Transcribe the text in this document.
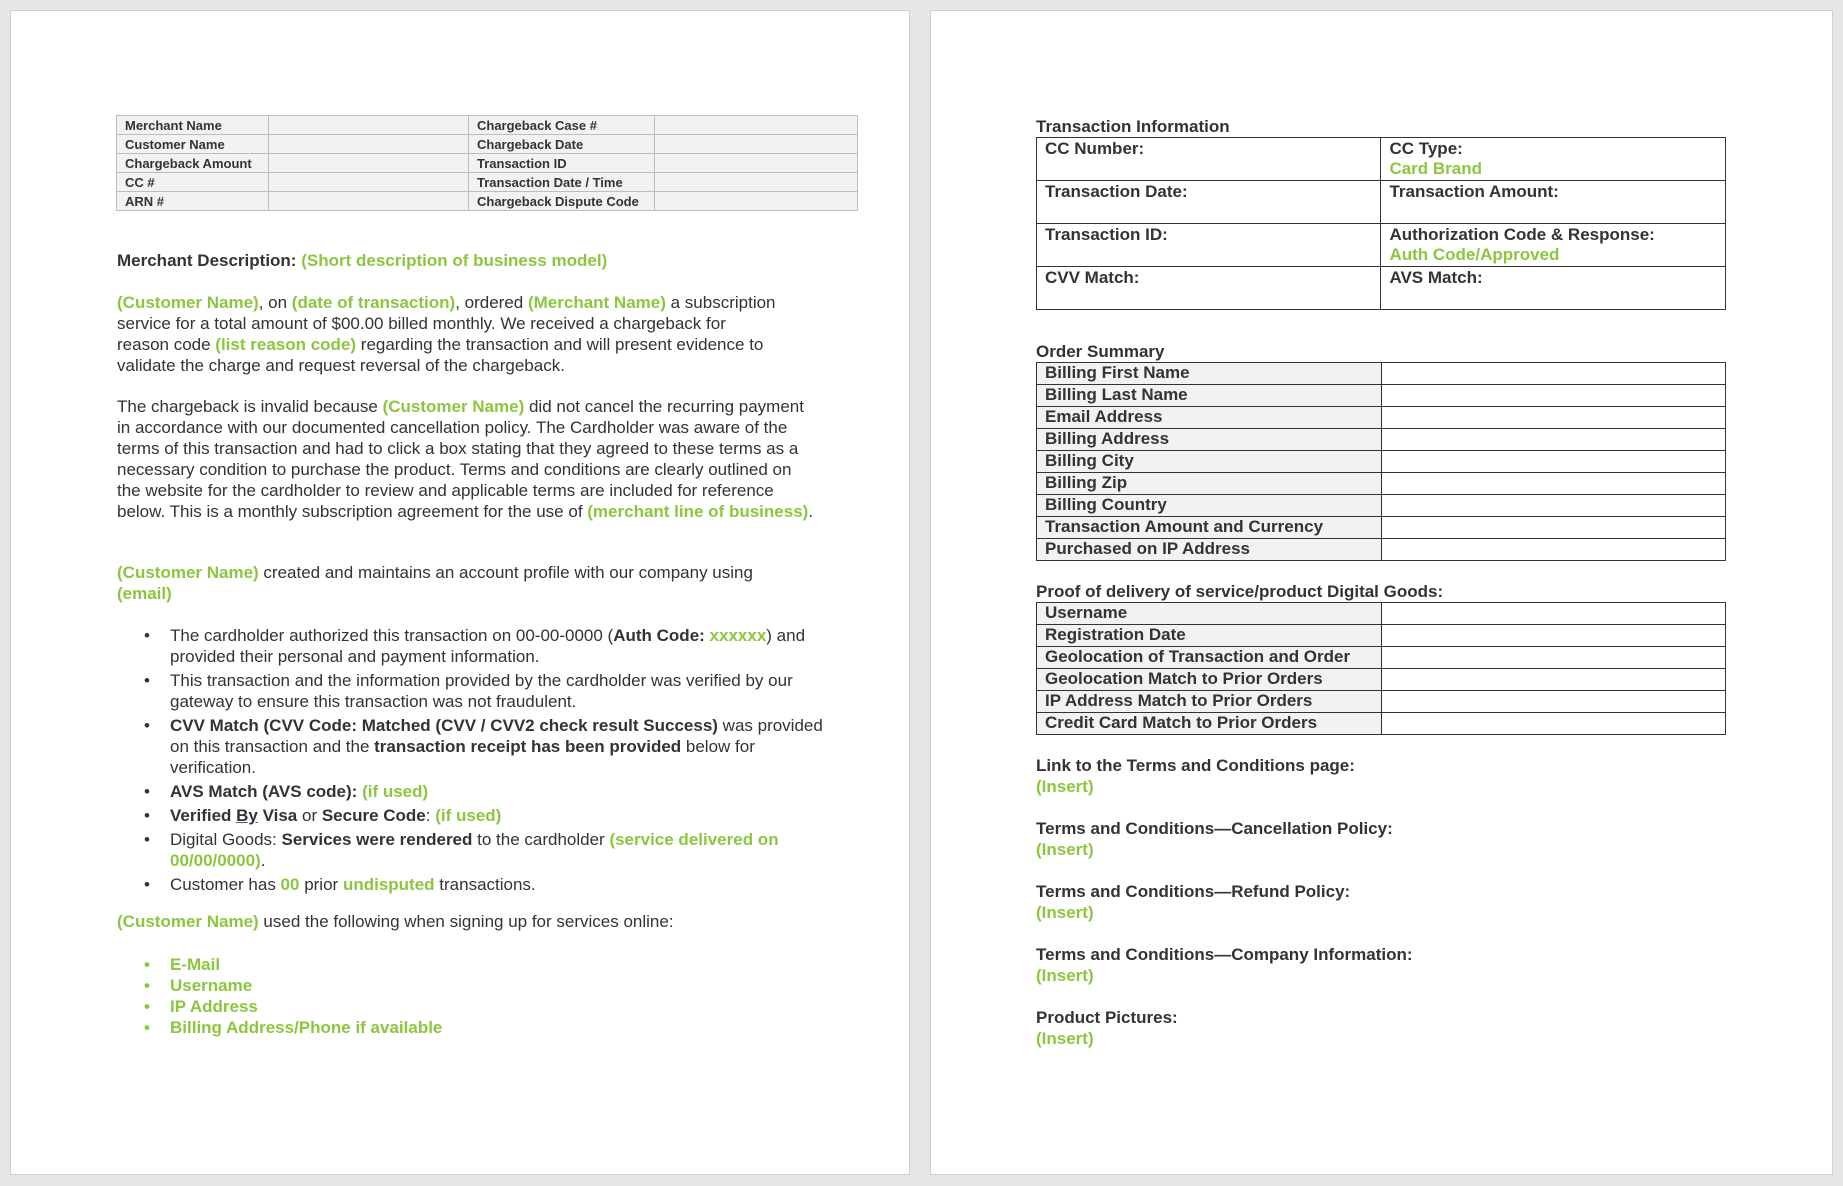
Merchant Name		Chargeback Case #	
Customer Name		Chargeback Date	
Chargeback Amount		Transaction ID	
CC #		Transaction Date / Time	
ARN #		Chargeback Dispute Code	

Merchant Description: (Short description of business model)

(Customer Name), on (date of transaction), ordered (Merchant Name) a subscription service for a total amount of $00.00 billed monthly. We received a chargeback for reason code (list reason code) regarding the transaction and will present evidence to validate the charge and request reversal of the chargeback.

The chargeback is invalid because (Customer Name) did not cancel the recurring payment in accordance with our documented cancellation policy. The Cardholder was aware of the terms of this transaction and had to click a box stating that they agreed to these terms as a necessary condition to purchase the product. Terms and conditions are clearly outlined on the website for the cardholder to review and applicable terms are included for reference below. This is a monthly subscription agreement for the use of (merchant line of business).

(Customer Name) created and maintains an account profile with our company using (email)

• The cardholder authorized this transaction on 00-00-0000 (Auth Code: xxxxxx) and provided their personal and payment information.
• This transaction and the information provided by the cardholder was verified by our gateway to ensure this transaction was not fraudulent.
• CVV Match (CVV Code: Matched (CVV / CVV2 check result Success) was provided on this transaction and the transaction receipt has been provided below for verification.
• AVS Match (AVS code): (if used)
• Verified By Visa or Secure Code: (if used)
• Digital Goods: Services were rendered to the cardholder (service delivered on 00/00/0000).
• Customer has 00 prior undisputed transactions.

(Customer Name) used the following when signing up for services online:

• E-Mail
• Username
• IP Address
• Billing Address/Phone if available
Transaction Information
CC Number:	CC Type:
Card Brand
Transaction Date:	Transaction Amount:
Transaction ID:	Authorization Code & Response:
Auth Code/Approved
CVV Match:	AVS Match:
Order Summary
Billing First Name	
Billing Last Name	
Email Address	
Billing Address	
Billing City	
Billing Zip	
Billing Country	
Transaction Amount and Currency	
Purchased on IP Address	
Proof of delivery of service/product Digital Goods:
Username	
Registration Date	
Geolocation of Transaction and Order	
Geolocation Match to Prior Orders	
IP Address Match to Prior Orders	
Credit Card Match to Prior Orders	
Link to the Terms and Conditions page:
(Insert)
Terms and Conditions—Cancellation Policy:
(Insert)
Terms and Conditions—Refund Policy:
(Insert)
Terms and Conditions—Company Information:
(Insert)
Product Pictures:
(Insert)
